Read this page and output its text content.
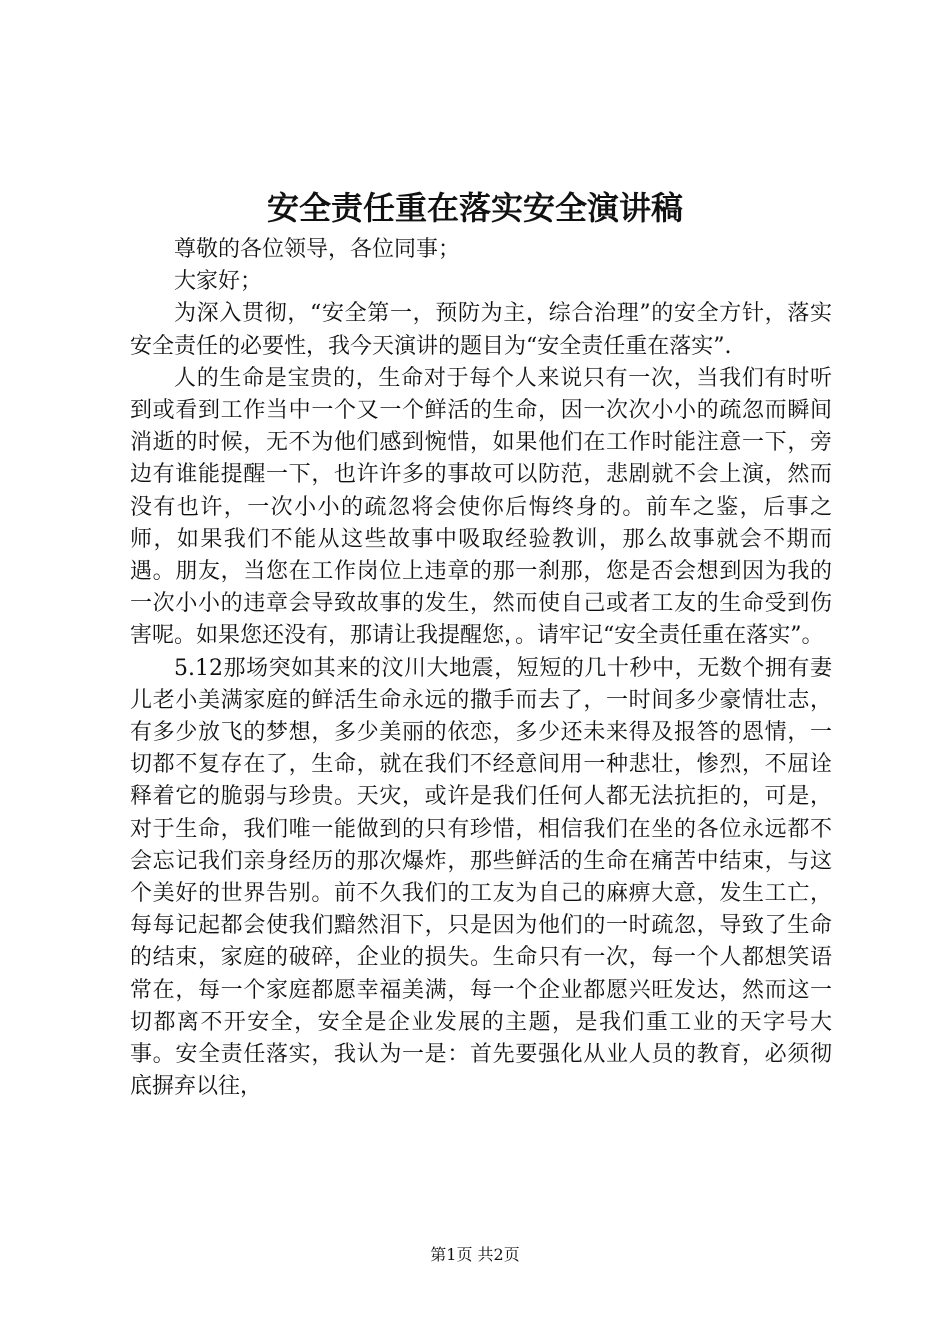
安全责任重在落实安全演讲稿

尊敬的各位领导，各位同事；

大家好；

为深入贯彻，“安全第一，预防为主，综合治理”的安全方针，落实安全责任的必要性，我今天演讲的题目为“安全责任重在落实”.

人的生命是宝贵的，生命对于每个人来说只有一次，当我们有时听到或看到工作当中一个又一个鲜活的生命，因一次次小小的疏忽而瞬间消逝的时候，无不为他们感到惋惜，如果他们在工作时能注意一下，旁边有谁能提醒一下，也许许多的事故可以防范，悲剧就不会上演，然而没有也许，一次小小的疏忽将会使你后悔终身的。前车之鉴，后事之师，如果我们不能从这些故事中吸取经验教训，那么故事就会不期而遇。朋友，当您在工作岗位上违章的那一刹那，您是否会想到因为我的一次小小的违章会导致故事的发生，然而使自己或者工友的生命受到伤害呢。如果您还没有，那请让我提醒您，。请牢记“安全责任重在落实”。

5.12那场突如其来的汶川大地震，短短的几十秒中，无数个拥有妻儿老小美满家庭的鲜活生命永远的撒手而去了，一时间多少豪情壮志，有多少放飞的梦想，多少美丽的依恋，多少还未来得及报答的恩情，一切都不复存在了，生命，就在我们不经意间用一种悲壮，惨烈，不屈诠释着它的脆弱与珍贵。天灾，或许是我们任何人都无法抗拒的，可是，对于生命，我们唯一能做到的只有珍惜，相信我们在坐的各位永远都不会忘记我们亲身经历的那次爆炸，那些鲜活的生命在痛苦中结束，与这个美好的世界告别。前不久我们的工友为自己的麻痹大意，发生工亡，每每记起都会使我们黯然泪下，只是因为他们的一时疏忽，导致了生命的结束，家庭的破碎，企业的损失。生命只有一次，每一个人都想笑语常在，每一个家庭都愿幸福美满，每一个企业都愿兴旺发达，然而这一切都离不开安全，安全是企业发展的主题，是我们重工业的天字号大事。安全责任落实，我认为一是：首先要强化从业人员的教育，必须彻底摒弃以往，

第1页 共2页
